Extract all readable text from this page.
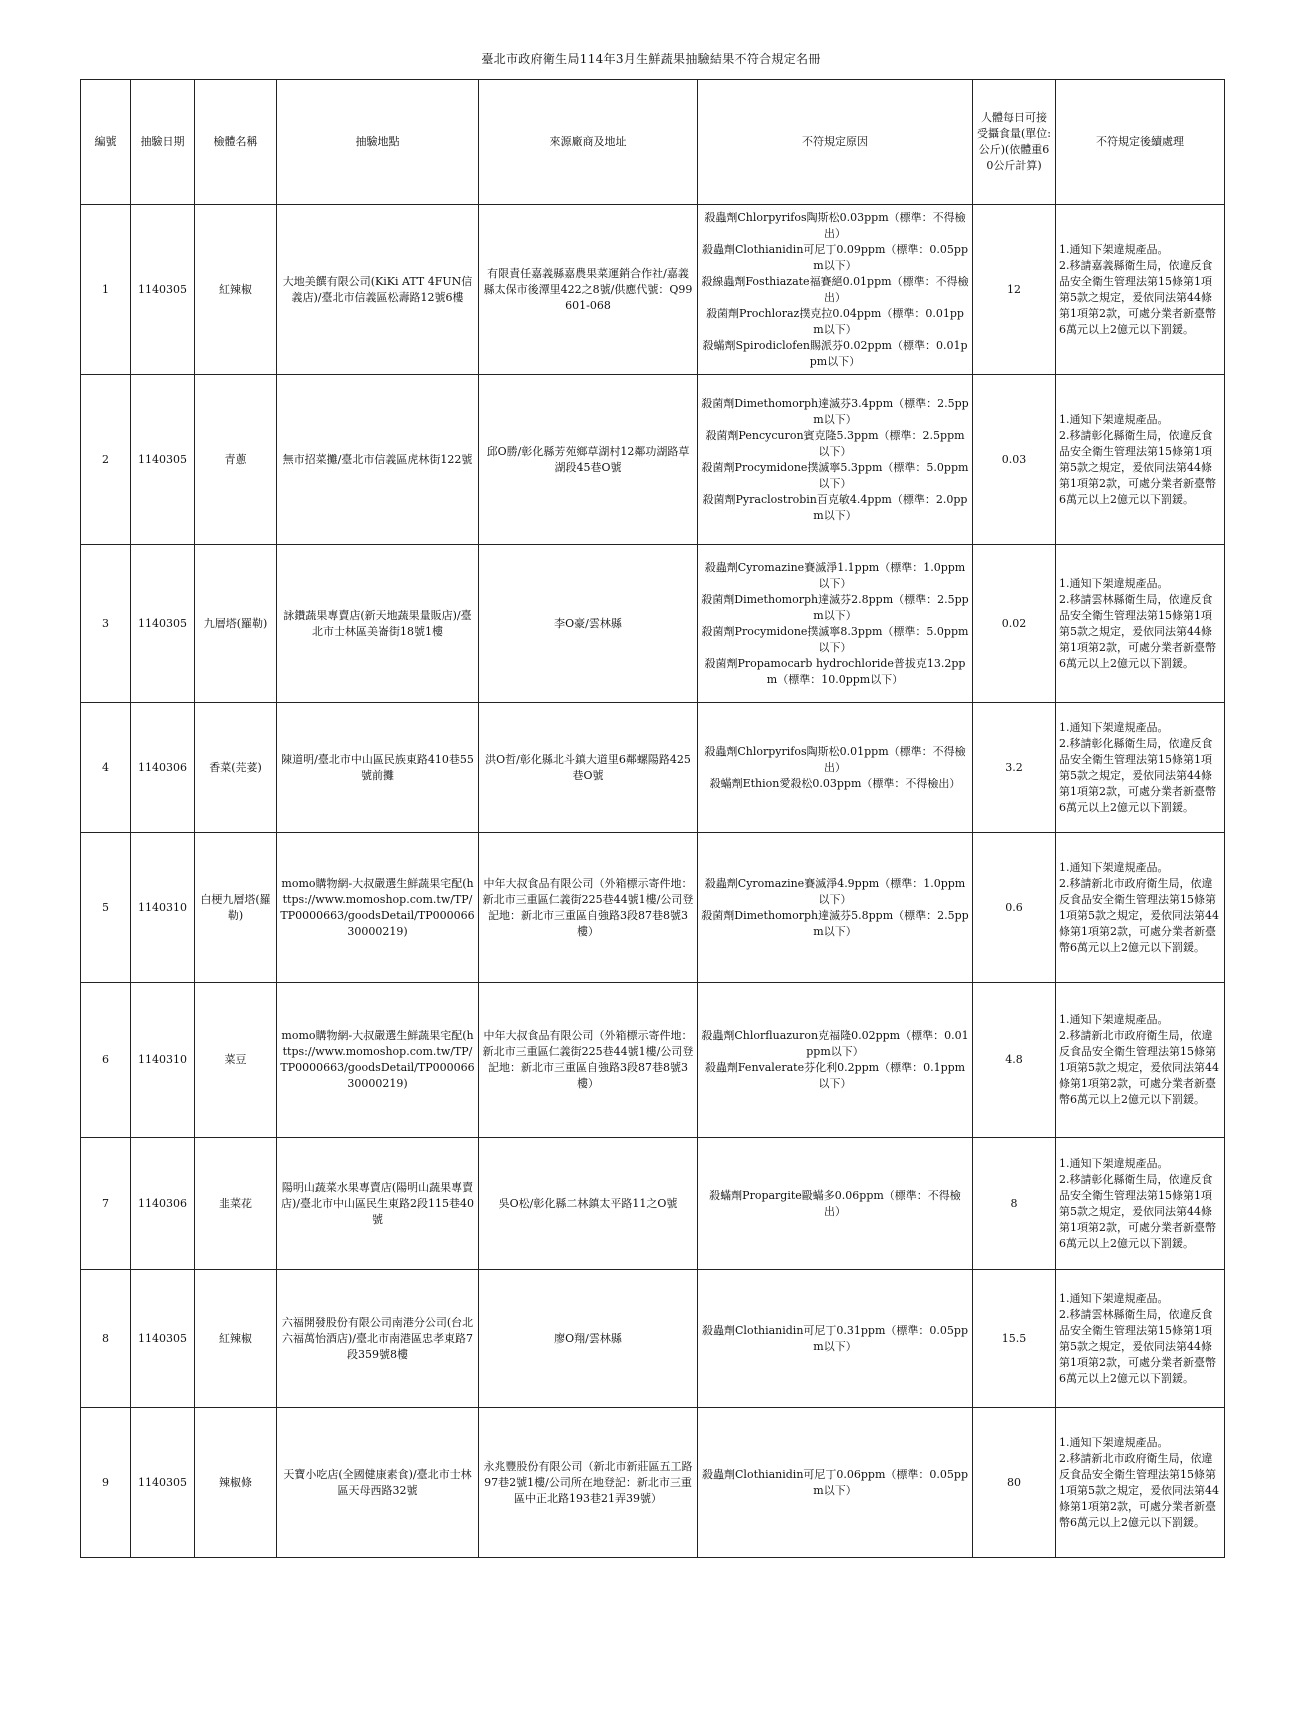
臺北市政府衛生局114年3月生鮮蔬果抽驗結果不符合規定名冊
編號	抽驗日期	檢體名稱	抽驗地點	來源廠商及地址	不符規定原因	人體每日可接受攝食量(單位:公斤)(依體重60公斤計算)	不符規定後續處理
1	1140305	紅辣椒	大地美饌有限公司(KiKi ATT 4FUN信義店)/臺北市信義區松壽路12號6樓	有限責任嘉義縣嘉農果菜運銷合作社/嘉義縣太保市後潭里422之8號/供應代號：Q99601-068	殺蟲劑Chlorpyrifos陶斯松0.03ppm（標準：不得檢出）
殺蟲劑Clothianidin可尼丁0.09ppm（標準：0.05ppm以下）
殺線蟲劑Fosthiazate福賽絕0.01ppm（標準：不得檢出）
殺菌劑Prochloraz撲克拉0.04ppm（標準：0.01ppm以下）
殺蟎劑Spirodiclofen賜派芬0.02ppm（標準：0.01ppm以下）	12	1.通知下架違規產品。
2.移請嘉義縣衛生局，依違反食品安全衛生管理法第15條第1項第5款之規定，爰依同法第44條第1項第2款，可處分業者新臺幣6萬元以上2億元以下罰鍰。

2	1140305	青蔥	無市招菜攤/臺北市信義區虎林街122號	邱O勝/彰化縣芳苑鄉草湖村12鄰功湖路草湖段45巷O號	殺菌劑Dimethomorph達滅芬3.4ppm（標準：2.5ppm以下）
殺菌劑Pencycuron賓克隆5.3ppm（標準：2.5ppm以下）
殺菌劑Procymidone撲滅寧5.3ppm（標準：5.0ppm以下）
殺菌劑Pyraclostrobin百克敏4.4ppm（標準：2.0ppm以下）	0.03	1.通知下架違規產品。
2.移請彰化縣衛生局，依違反食品安全衛生管理法第15條第1項第5款之規定，爰依同法第44條第1項第2款，可處分業者新臺幣6萬元以上2億元以下罰鍰。

3	1140305	九層塔(羅勒)	詠鑽蔬果專賣店(新天地蔬果量販店)/臺北市士林區美崙街18號1樓	李O豪/雲林縣	殺蟲劑Cyromazine賽滅淨1.1ppm（標準：1.0ppm以下）
殺菌劑Dimethomorph達滅芬2.8ppm（標準：2.5ppm以下）
殺菌劑Procymidone撲滅寧8.3ppm（標準：5.0ppm以下）
殺菌劑Propamocarb hydrochloride普拔克13.2ppm（標準：10.0ppm以下）	0.02	1.通知下架違規產品。
2.移請雲林縣衛生局，依違反食品安全衛生管理法第15條第1項第5款之規定，爰依同法第44條第1項第2款，可處分業者新臺幣6萬元以上2億元以下罰鍰。

4	1140306	香菜(芫荽)	陳道明/臺北市中山區民族東路410巷55號前攤	洪O哲/彰化縣北斗鎮大道里6鄰螺陽路425巷O號	殺蟲劑Chlorpyrifos陶斯松0.01ppm（標準：不得檢出）
殺蟎劑Ethion愛殺松0.03ppm（標準：不得檢出）	3.2	1.通知下架違規產品。
2.移請彰化縣衛生局，依違反食品安全衛生管理法第15條第1項第5款之規定，爰依同法第44條第1項第2款，可處分業者新臺幣6萬元以上2億元以下罰鍰。

5	1140310	白梗九層塔(羅勒)	momo購物網-大叔嚴選生鮮蔬果宅配(https://www.momoshop.com.tw/TP/TP0000663/goodsDetail/TP00006630000219)	中年大叔食品有限公司（外箱標示寄件地：新北市三重區仁義街225巷44號1樓/公司登記地：新北市三重區自強路3段87巷8號3樓）	殺蟲劑Cyromazine賽滅淨4.9ppm（標準：1.0ppm以下）
殺菌劑Dimethomorph達滅芬5.8ppm（標準：2.5ppm以下）	0.6	1.通知下架違規產品。
2.移請新北市政府衛生局，依違反食品安全衛生管理法第15條第1項第5款之規定，爰依同法第44條第1項第2款，可處分業者新臺幣6萬元以上2億元以下罰鍰。

6	1140310	菜豆	momo購物網-大叔嚴選生鮮蔬果宅配(https://www.momoshop.com.tw/TP/TP0000663/goodsDetail/TP00006630000219)	中年大叔食品有限公司（外箱標示寄件地：新北市三重區仁義街225巷44號1樓/公司登記地：新北市三重區自強路3段87巷8號3樓）	殺蟲劑Chlorfluazuron克福隆0.02ppm（標準：0.01ppm以下）
殺蟲劑Fenvalerate芬化利0.2ppm（標準：0.1ppm以下）	4.8	1.通知下架違規產品。
2.移請新北市政府衛生局，依違反食品安全衛生管理法第15條第1項第5款之規定，爰依同法第44條第1項第2款，可處分業者新臺幣6萬元以上2億元以下罰鍰。

7	1140306	韭菜花	陽明山蔬菜水果專賣店(陽明山蔬果專賣店)/臺北市中山區民生東路2段115巷40號	吳O松/彰化縣二林鎮太平路11之O號	殺蟎劑Propargite毆蟎多0.06ppm（標準：不得檢出）	8	1.通知下架違規產品。
2.移請彰化縣衛生局，依違反食品安全衛生管理法第15條第1項第5款之規定，爰依同法第44條第1項第2款，可處分業者新臺幣6萬元以上2億元以下罰鍰。

8	1140305	紅辣椒	六福開發股份有限公司南港分公司(台北六福萬怡酒店)/臺北市南港區忠孝東路7段359號8樓	廖O翔/雲林縣	殺蟲劑Clothianidin可尼丁0.31ppm（標準：0.05ppm以下）	15.5	1.通知下架違規產品。
2.移請雲林縣衛生局，依違反食品安全衛生管理法第15條第1項第5款之規定，爰依同法第44條第1項第2款，可處分業者新臺幣6萬元以上2億元以下罰鍰。

9	1140305	辣椒條	天寶小吃店(全國健康素食)/臺北市士林區天母西路32號	永兆豐股份有限公司（新北市新莊區五工路97巷2號1樓/公司所在地登記：新北市三重區中正北路193巷21弄39號）	殺蟲劑Clothianidin可尼丁0.06ppm（標準：0.05ppm以下）	80	1.通知下架違規產品。
2.移請新北市政府衛生局，依違反食品安全衛生管理法第15條第1項第5款之規定，爰依同法第44條第1項第2款，可處分業者新臺幣6萬元以上2億元以下罰鍰。
